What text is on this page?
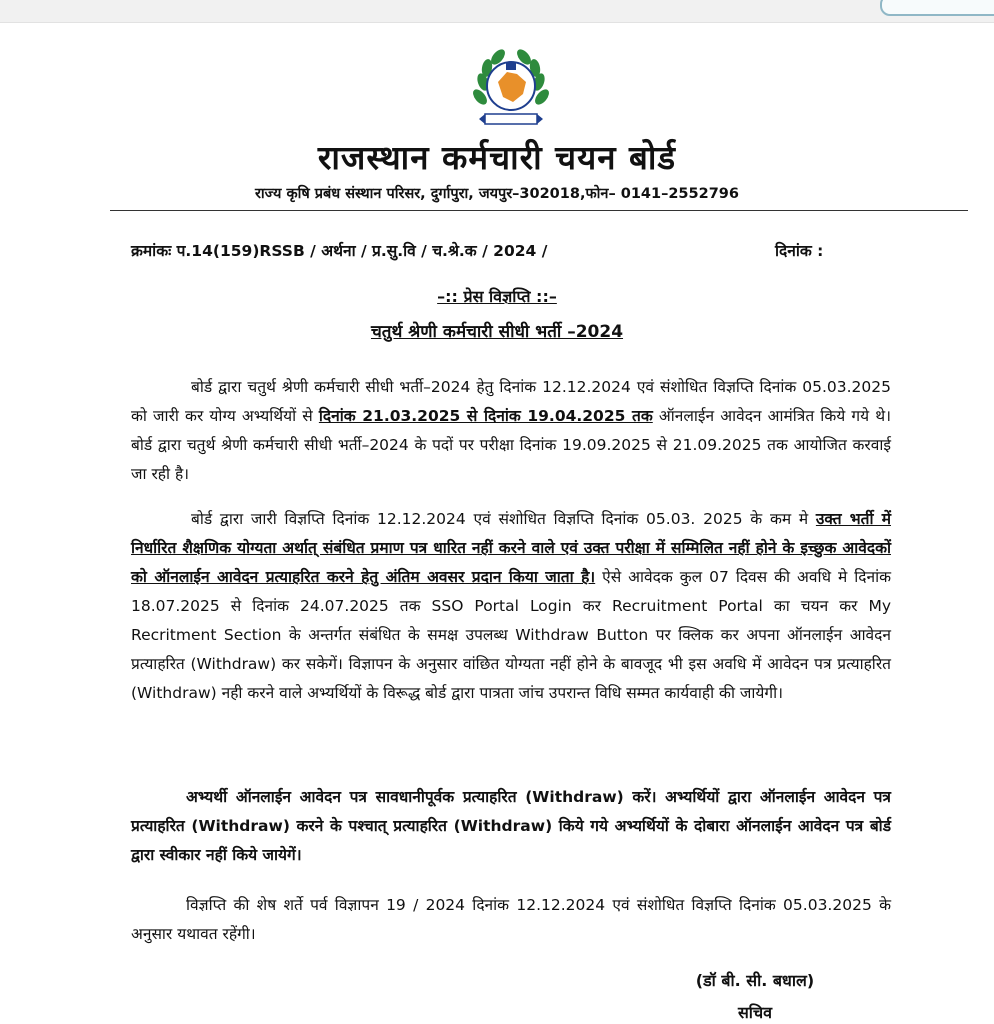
राजस्थान कर्मचारी चयन बोर्ड
राज्य कृषि प्रबंध संस्थान परिसर, दुर्गापुरा, जयपुर–302018,फोन– 0141–2552796
क्रमांकः प.14(159)RSSB / अर्थना / प्र.सु.वि / च.श्रे.क / 2024 /	दिनांक :
–:: प्रेस विज्ञप्ति ::–
चतुर्थ श्रेणी कर्मचारी सीधी भर्ती –2024
बोर्ड द्वारा चतुर्थ श्रेणी कर्मचारी सीधी भर्ती–2024 हेतु दिनांक 12.12.2024 एवं संशोधित विज्ञप्ति दिनांक 05.03.2025 को जारी कर योग्य अभ्यर्थियों से दिनांक 21.03.2025 से दिनांक 19.04.2025 तक ऑनलाईन आवेदन आमंत्रित किये गये थे। बोर्ड द्वारा चतुर्थ श्रेणी कर्मचारी सीधी भर्ती–2024 के पदों पर परीक्षा दिनांक 19.09.2025 से 21.09.2025 तक आयोजित करवाई जा रही है।
बोर्ड द्वारा जारी विज्ञप्ति दिनांक 12.12.2024 एवं संशोधित विज्ञप्ति दिनांक 05.03. 2025 के कम मे उक्त भर्ती में निर्धारित शैक्षणिक योग्यता अर्थात् संबंधित प्रमाण पत्र धारित नहीं करने वाले एवं उक्त परीक्षा में सम्मिलित नहीं होने के इच्छुक आवेदकों को ऑनलाईन आवेदन प्रत्याहरित करने हेतु अंतिम अवसर प्रदान किया जाता है। ऐसे आवेदक कुल 07 दिवस की अवधि मे दिनांक 18.07.2025 से दिनांक 24.07.2025 तक SSO Portal Login कर Recruitment Portal का चयन कर My Recritment Section के अन्तर्गत संबंधित के समक्ष उपलब्ध Withdraw Button पर क्लिक कर अपना ऑनलाईन आवेदन प्रत्याहरित (Withdraw) कर सकेगें। विज्ञापन के अनुसार वांछित योग्यता नहीं होने के बावजूद भी इस अवधि में आवेदन पत्र प्रत्याहरित (Withdraw) नही करने वाले अभ्यर्थियों के विरूद्ध बोर्ड द्वारा पात्रता जांच उपरान्त विधि सम्मत कार्यवाही की जायेगी।
अभ्यर्थी ऑनलाईन आवेदन पत्र सावधानीपूर्वक प्रत्याहरित (Withdraw) करें। अभ्यर्थियों द्वारा ऑनलाईन आवेदन पत्र प्रत्याहरित (Withdraw) करने के पश्चात् प्रत्याहरित (Withdraw) किये गये अभ्यर्थियों के दोबारा ऑनलाईन आवेदन पत्र बोर्ड द्वारा स्वीकार नहीं किये जायेगें।
विज्ञप्ति की शेष शर्ते पर्व विज्ञापन 19 / 2024 दिनांक 12.12.2024 एवं संशोधित विज्ञप्ति दिनांक 05.03.2025 के अनुसार यथावत रहेंगी।
(डॉ बी. सी. बधाल)
सचिव
